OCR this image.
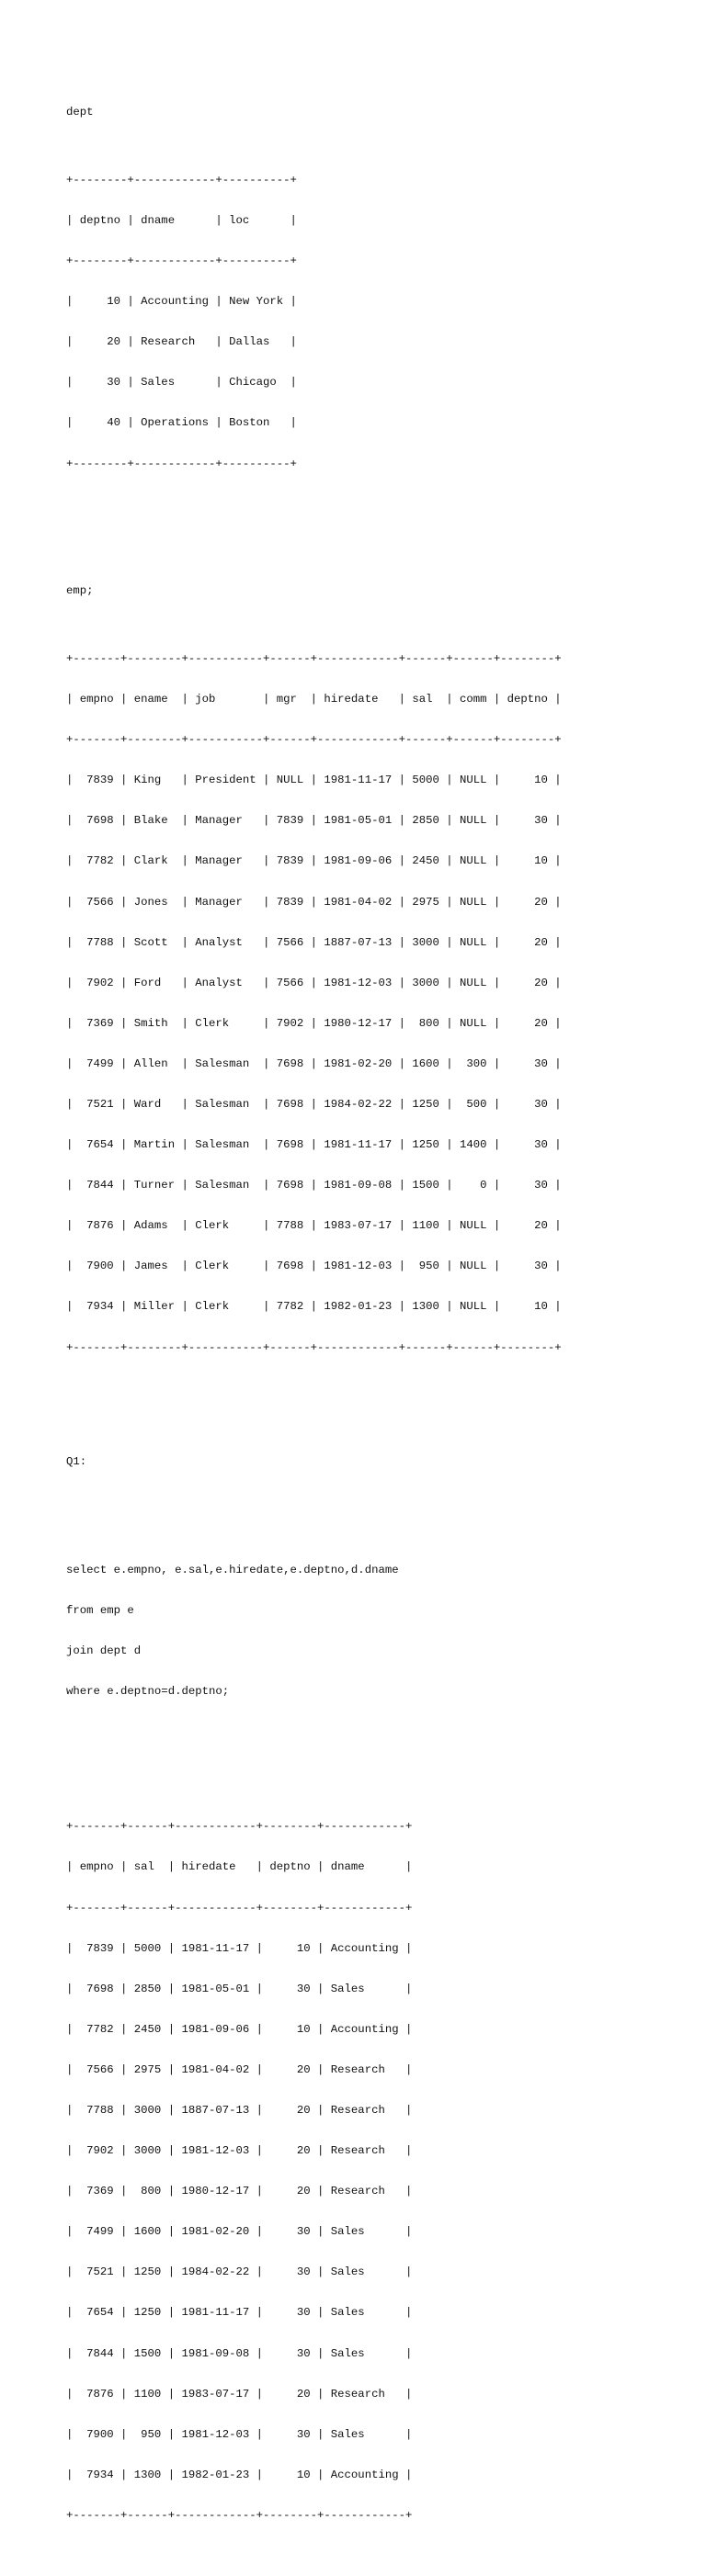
dept

+--------+------------+----------+

| deptno | dname      | loc      |

+--------+------------+----------+

|     10 | Accounting | New York |

|     20 | Research   | Dallas   |

|     30 | Sales      | Chicago  |

|     40 | Operations | Boston   |

+--------+------------+----------+

emp;

+-------+--------+-----------+------+------------+------+------+--------+

| empno | ename  | job       | mgr  | hiredate   | sal  | comm | deptno |

+-------+--------+-----------+------+------------+------+------+--------+

|  7839 | King   | President | NULL | 1981-11-17 | 5000 | NULL |     10 |

|  7698 | Blake  | Manager   | 7839 | 1981-05-01 | 2850 | NULL |     30 |

|  7782 | Clark  | Manager   | 7839 | 1981-09-06 | 2450 | NULL |     10 |

|  7566 | Jones  | Manager   | 7839 | 1981-04-02 | 2975 | NULL |     20 |

|  7788 | Scott  | Analyst   | 7566 | 1887-07-13 | 3000 | NULL |     20 |

|  7902 | Ford   | Analyst   | 7566 | 1981-12-03 | 3000 | NULL |     20 |

|  7369 | Smith  | Clerk     | 7902 | 1980-12-17 |  800 | NULL |     20 |

|  7499 | Allen  | Salesman  | 7698 | 1981-02-20 | 1600 |  300 |     30 |

|  7521 | Ward   | Salesman  | 7698 | 1984-02-22 | 1250 |  500 |     30 |

|  7654 | Martin | Salesman  | 7698 | 1981-11-17 | 1250 | 1400 |     30 |

|  7844 | Turner | Salesman  | 7698 | 1981-09-08 | 1500 |    0 |     30 |

|  7876 | Adams  | Clerk     | 7788 | 1983-07-17 | 1100 | NULL |     20 |

|  7900 | James  | Clerk     | 7698 | 1981-12-03 |  950 | NULL |     30 |

|  7934 | Miller | Clerk     | 7782 | 1982-01-23 | 1300 | NULL |     10 |

+-------+--------+-----------+------+------------+------+------+--------+

Q1:

select e.empno, e.sal,e.hiredate,e.deptno,d.dname

from emp e

join dept d

where e.deptno=d.deptno;

+-------+------+------------+--------+------------+

| empno | sal  | hiredate   | deptno | dname      |

+-------+------+------------+--------+------------+

|  7839 | 5000 | 1981-11-17 |     10 | Accounting |

|  7698 | 2850 | 1981-05-01 |     30 | Sales      |

|  7782 | 2450 | 1981-09-06 |     10 | Accounting |

|  7566 | 2975 | 1981-04-02 |     20 | Research   |

|  7788 | 3000 | 1887-07-13 |     20 | Research   |

|  7902 | 3000 | 1981-12-03 |     20 | Research   |

|  7369 |  800 | 1980-12-17 |     20 | Research   |

|  7499 | 1600 | 1981-02-20 |     30 | Sales      |

|  7521 | 1250 | 1984-02-22 |     30 | Sales      |

|  7654 | 1250 | 1981-11-17 |     30 | Sales      |

|  7844 | 1500 | 1981-09-08 |     30 | Sales      |

|  7876 | 1100 | 1983-07-17 |     20 | Research   |

|  7900 |  950 | 1981-12-03 |     30 | Sales      |

|  7934 | 1300 | 1982-01-23 |     10 | Accounting |

+-------+------+------------+--------+------------+
